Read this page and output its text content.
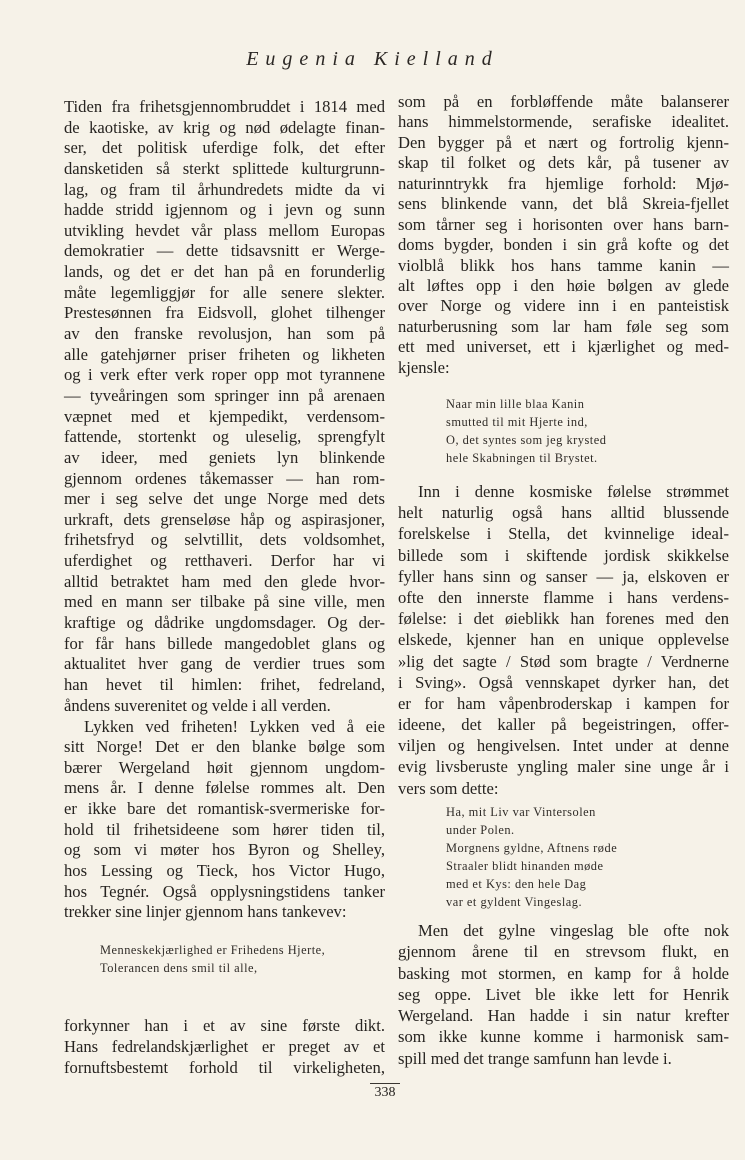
Eugenia Kielland
Tiden fra frihetsgjennombruddet i 1814 med
de kaotiske, av krig og nød ødelagte finan-
ser, det politisk uferdige folk, det efter
dansketiden så sterkt splittede kulturgrunn-
lag, og fram til århundredets midte da vi
hadde stridd igjennom og i jevn og sunn
utvikling hevdet vår plass mellom Europas
demokratier — dette tidsavsnitt er Werge-
lands, og det er det han på en forunderlig
måte legemliggjør for alle senere slekter.
Prestesønnen fra Eidsvoll, glohet tilhenger
av den franske revolusjon, han som på
alle gatehjørner priser friheten og likheten
og i verk efter verk roper opp mot tyrannene
— tyveåringen som springer inn på arenaen
væpnet med et kjempedikt, verdensom-
fattende, stortenkt og uleselig, sprengfylt
av ideer, med geniets lyn blinkende
gjennom ordenes tåkemasser — han rom-
mer i seg selve det unge Norge med dets
urkraft, dets grenseløse håp og aspirasjoner,
frihetsfryd og selvtillit, dets voldsomhet,
uferdighet og retthaveri. Derfor har vi
alltid betraktet ham med den glede hvor-
med en mann ser tilbake på sine ville, men
kraftige og dådrike ungdomsdager. Og der-
for får hans billede mangedoblet glans og
aktualitet hver gang de verdier trues som
han hevet til himlen: frihet, fedreland,
åndens suverenitet og velde i all verden.
Lykken ved friheten! Lykken ved å eie
sitt Norge! Det er den blanke bølge som
bærer Wergeland høit gjennom ungdom-
mens år. I denne følelse rommes alt. Den
er ikke bare det romantisk-svermeriske for-
hold til frihetsideene som hører tiden til,
og som vi møter hos Byron og Shelley,
hos Lessing og Tieck, hos Victor Hugo,
hos Tegnér. Også opplysningstidens tanker
trekker sine linjer gjennom hans tankevev:
Menneskekjærlighed er Frihedens Hjerte,
Tolerancen dens smil til alle,
forkynner han i et av sine første dikt.
Hans fedrelandskjærlighet er preget av et
fornuftsbestemt forhold til virkeligheten,
som på en forbløffende måte balanserer
hans himmelstormende, serafiske idealitet.
Den bygger på et nært og fortrolig kjenn-
skap til folket og dets kår, på tusener av
naturinntrykk fra hjemlige forhold: Mjø-
sens blinkende vann, det blå Skreia-fjellet
som tårner seg i horisonten over hans barn-
doms bygder, bonden i sin grå kofte og det
violblå blikk hos hans tamme kanin —
alt løftes opp i den høie bølgen av glede
over Norge og videre inn i en panteistisk
naturberusning som lar ham føle seg som
ett med universet, ett i kjærlighet og med-
kjensle:
Naar min lille blaa Kanin
smutted til mit Hjerte ind,
O, det syntes som jeg krysted
hele Skabningen til Brystet.
Inn i denne kosmiske følelse strømmet
helt naturlig også hans alltid blussende
forelskelse i Stella, det kvinnelige ideal-
billede som i skiftende jordisk skikkelse
fyller hans sinn og sanser — ja, elskoven er
ofte den innerste flamme i hans verdens-
følelse: i det øieblikk han forenes med den
elskede, kjenner han en unique opplevelse
»lig det sagte / Stød som bragte / Verdnerne
i Sving». Også vennskapet dyrker han, det
er for ham våpenbroderskap i kampen for
ideene, det kaller på begeistringen, offer-
viljen og hengivelsen. Intet under at denne
evig livsberuste yngling maler sine unge år i
vers som dette:
Ha, mit Liv var Vintersolen
under Polen.
Morgnens gyldne, Aftnens røde
Straaler blidt hinanden møde
med et Kys: den hele Dag
var et gyldent Vingeslag.
Men det gylne vingeslag ble ofte nok
gjennom årene til en strevsom flukt, en
basking mot stormen, en kamp for å holde
seg oppe. Livet ble ikke lett for Henrik
Wergeland. Han hadde i sin natur krefter
som ikke kunne komme i harmonisk sam-
spill med det trange samfunn han levde i.
338
